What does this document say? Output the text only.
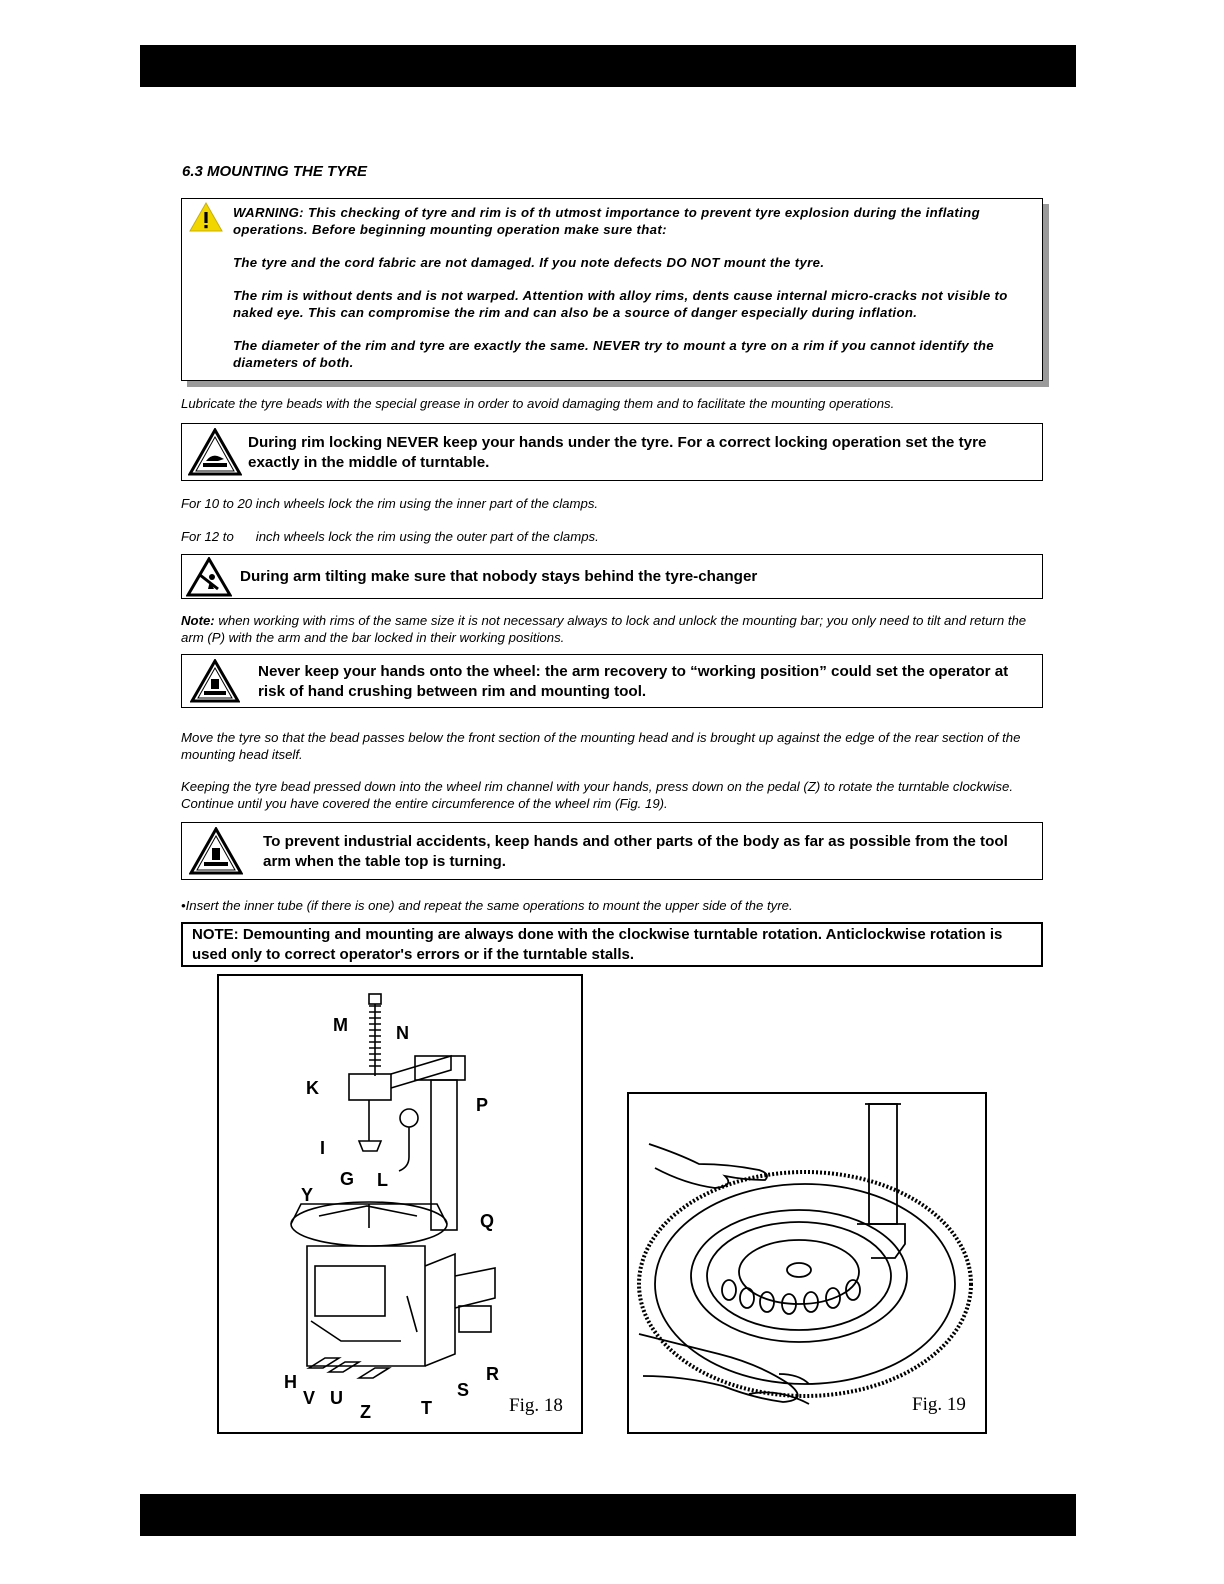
6.3 MOUNTING THE TYRE

WARNING: This checking of tyre and rim is of th utmost importance to prevent tyre explosion during the inflating operations. Before beginning mounting operation make sure that:

The tyre and the cord fabric are not damaged. If you note defects DO NOT mount the tyre.

The rim is without dents and is not warped. Attention with alloy rims, dents cause internal micro-cracks not visible to naked eye. This can compromise the rim and can also be a source of danger especially during inflation.

The diameter of the rim and tyre are exactly the same. NEVER try to mount a tyre on a rim if you cannot identify the diameters of both.

Lubricate the tyre beads with the special grease in order to avoid damaging them and to facilitate the mounting operations.
During rim locking NEVER keep your hands under the tyre. For a correct locking operation set the tyre exactly in the middle of turntable.
For 10 to 20 inch wheels lock the rim using the inner part of the clamps.
For 12 to      inch wheels lock the rim using the outer part of the clamps.
During arm tilting make sure that nobody stays behind the tyre-changer
Note: when working with rims of the same size it is not necessary always to lock and unlock the mounting bar; you only need to tilt and return the arm (P) with the arm and the bar locked in their working positions.
Never keep your hands onto the wheel: the arm recovery to “working position” could set the operator at risk of hand crushing between rim and mounting tool.
Move the tyre so that the bead passes below the front section of the mounting head and is brought up against the edge of the rear section of the mounting head itself.
Keeping the tyre bead pressed down into the wheel rim channel with your hands, press down on the pedal (Z) to rotate the turntable clockwise. Continue until you have covered the entire circumference of the wheel rim (Fig. 19).
To prevent industrial accidents, keep hands and other parts of the body as far as possible from the tool arm when the table top is turning.
•Insert the inner tube (if there is one) and repeat the same operations to mount the upper side of the tyre.
NOTE: Demounting and mounting are always done with the clockwise turntable rotation. Anticlockwise rotation is used only to correct operator's errors or if the turntable stalls.
M	N
K
P
I
G L
Y
Q
R
H
V U	S
Z	T	Fig. 18	Fig. 19
